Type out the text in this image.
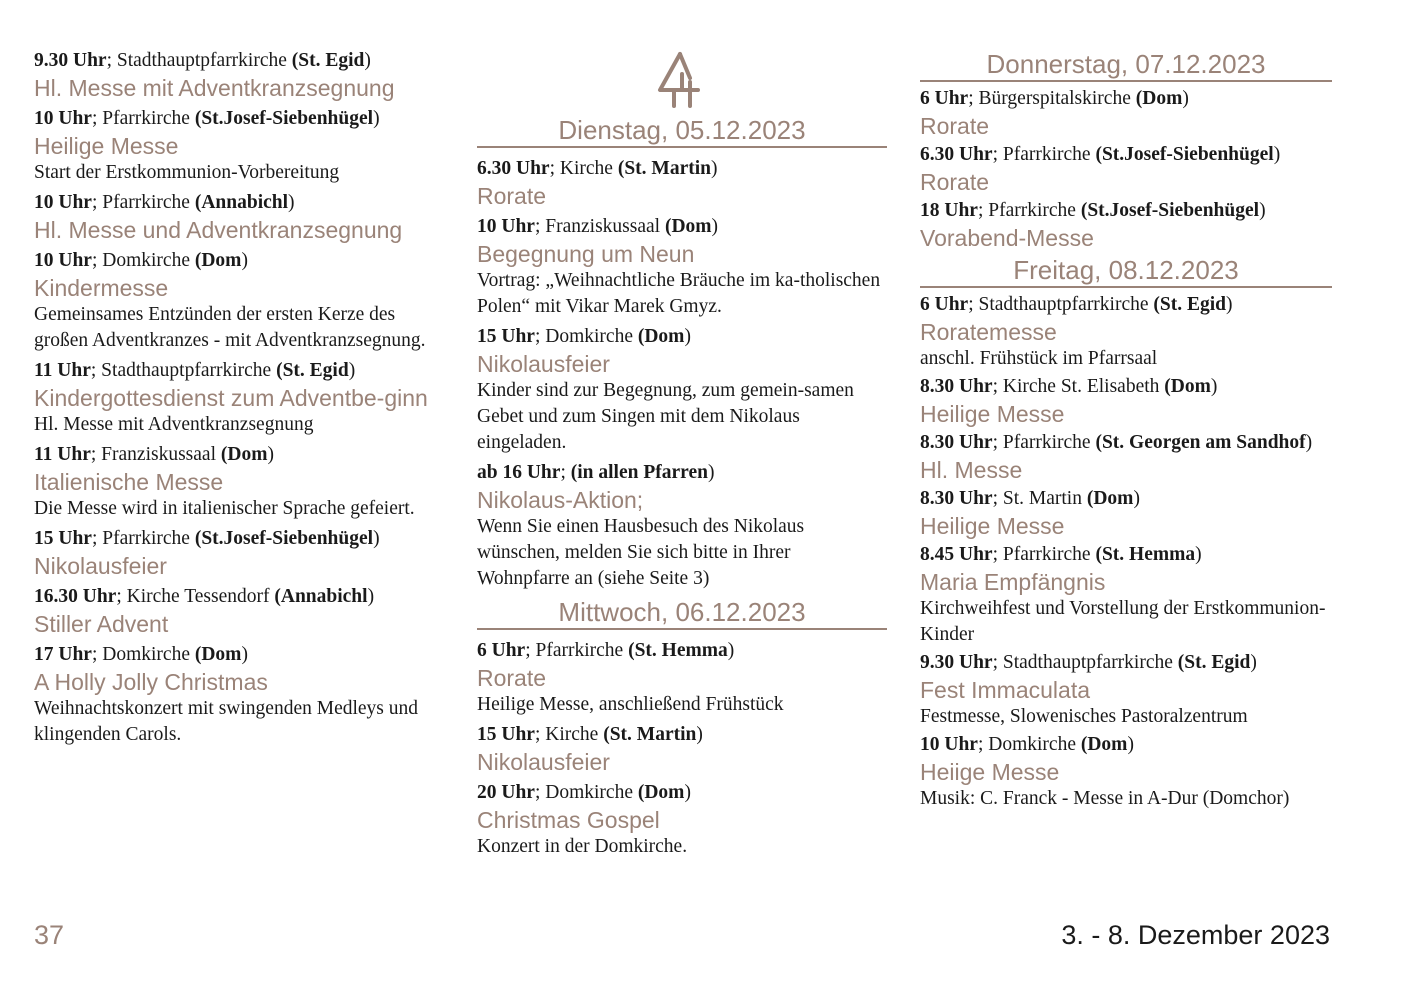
9.30 Uhr; Stadthauptpfarrkirche (St. Egid)
Hl. Messe mit Adventkranzsegnung
10 Uhr; Pfarrkirche (St.Josef-Siebenhügel)
Heilige Messe
Start der Erstkommunion-Vorbereitung
10 Uhr; Pfarrkirche (Annabichl)
Hl. Messe und Adventkranzsegnung
10 Uhr; Domkirche (Dom)
Kindermesse
Gemeinsames Entzünden der ersten Kerze des großen Adventkranzes - mit Adventkranzsegnung.
11 Uhr; Stadthauptpfarrkirche (St. Egid)
Kindergottesdienst zum Adventbe-ginn
Hl. Messe mit Adventkranzsegnung
11 Uhr; Franziskussaal (Dom)
Italienische Messe
Die Messe wird in italienischer Sprache gefeiert.
15 Uhr; Pfarrkirche (St.Josef-Siebenhügel)
Nikolausfeier
16.30 Uhr; Kirche Tessendorf (Annabichl)
Stiller Advent
17 Uhr; Domkirche (Dom)
A Holly Jolly Christmas
Weihnachtskonzert mit swingenden Medleys und klingenden Carols.
Dienstag, 05.12.2023
6.30 Uhr; Kirche (St. Martin)
Rorate
10 Uhr; Franziskussaal (Dom)
Begegnung um Neun
Vortrag: „Weihnachtliche Bräuche im ka-tholischen Polen“ mit Vikar Marek Gmyz.
15 Uhr; Domkirche (Dom)
Nikolausfeier
Kinder sind zur Begegnung, zum gemein-samen Gebet und zum Singen mit dem Nikolaus eingeladen.
ab 16 Uhr; (in allen Pfarren)
Nikolaus-Aktion;
Wenn Sie einen Hausbesuch des Nikolaus wünschen, melden Sie sich bitte in Ihrer Wohnpfarre an (siehe Seite 3)
Mittwoch, 06.12.2023
6 Uhr; Pfarrkirche (St. Hemma)
Rorate
Heilige Messe, anschließend Frühstück
15 Uhr; Kirche (St. Martin)
Nikolausfeier
20 Uhr; Domkirche (Dom)
Christmas Gospel
Konzert in der Domkirche.
Donnerstag, 07.12.2023
6 Uhr; Bürgerspitalskirche (Dom)
Rorate
6.30 Uhr; Pfarrkirche (St.Josef-Siebenhügel)
Rorate
18 Uhr; Pfarrkirche (St.Josef-Siebenhügel)
Vorabend-Messe
Freitag, 08.12.2023
6 Uhr; Stadthauptpfarrkirche (St. Egid)
Roratemesse
anschl. Frühstück im Pfarrsaal
8.30 Uhr; Kirche St. Elisabeth (Dom)
Heilige Messe
8.30 Uhr; Pfarrkirche (St. Georgen am Sandhof)
Hl. Messe
8.30 Uhr; St. Martin (Dom)
Heilige Messe
8.45 Uhr; Pfarrkirche (St. Hemma)
Maria Empfängnis
Kirchweihfest und Vorstellung der Erstkommunion-Kinder
9.30 Uhr; Stadthauptpfarrkirche (St. Egid)
Fest Immaculata
Festmesse, Slowenisches Pastoralzentrum
10 Uhr; Domkirche (Dom)
Heiige Messe
Musik: C. Franck - Messe in A-Dur (Domchor)
37	3. - 8. Dezember 2023
